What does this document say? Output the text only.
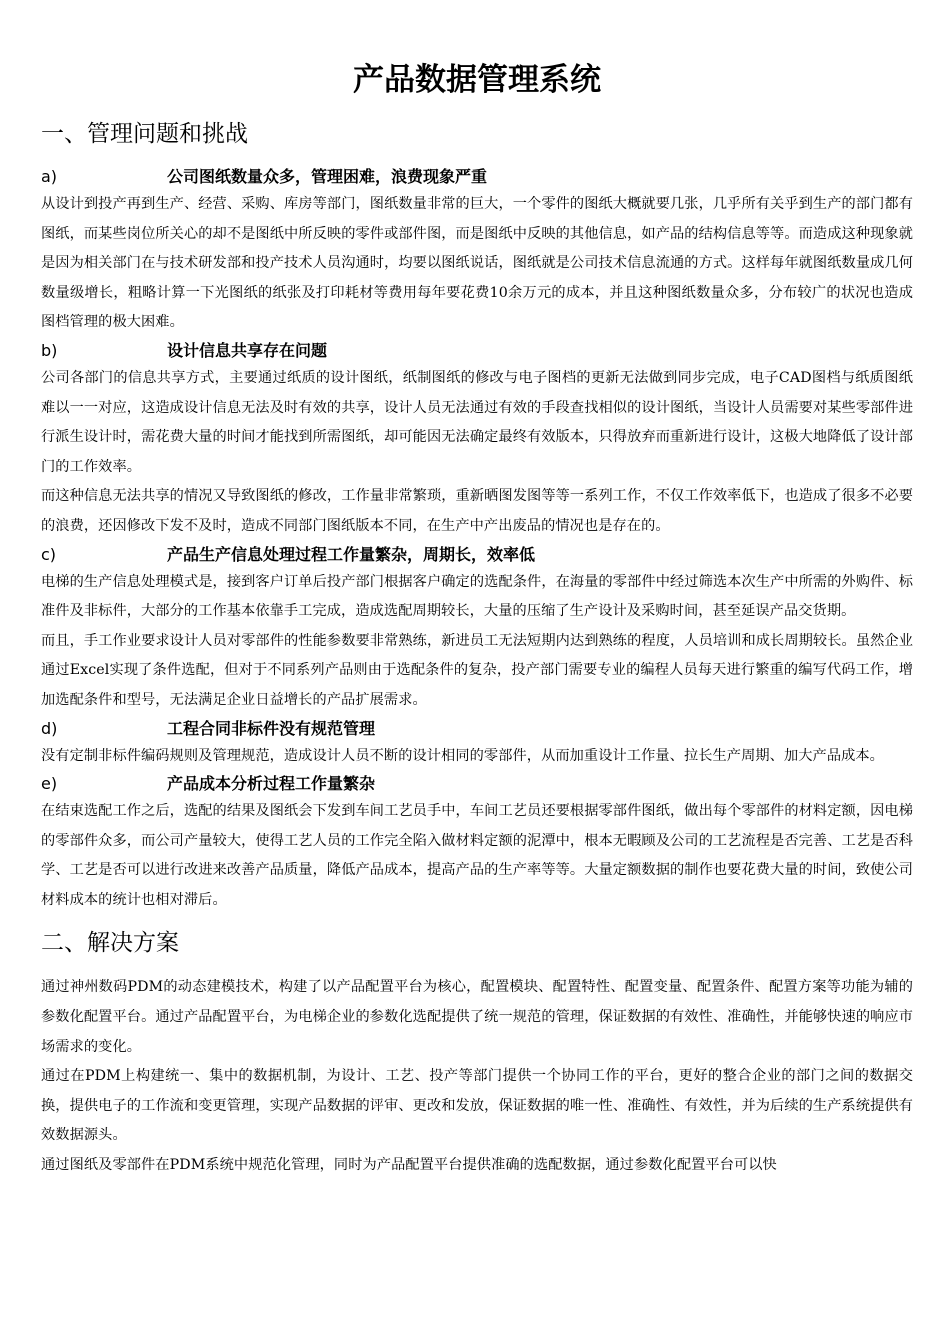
产品数据管理系统
一、管理问题和挑战
a)	公司图纸数量众多，管理困难，浪费现象严重

从设计到投产再到生产、经营、采购、库房等部门，图纸数量非常的巨大，一个零件的图纸大概就要几张，几乎所有关乎到生产的部门都有图纸，而某些岗位所关心的却不是图纸中所反映的零件或部件图，而是图纸中反映的其他信息，如产品的结构信息等等。而造成这种现象就是因为相关部门在与技术研发部和投产技术人员沟通时，均要以图纸说话，图纸就是公司技术信息流通的方式。这样每年就图纸数量成几何数量级增长，粗略计算一下光图纸的纸张及打印耗材等费用每年要花费10余万元的成本，并且这种图纸数量众多，分布较广的状况也造成图档管理的极大困难。

b)	设计信息共享存在问题

公司各部门的信息共享方式，主要通过纸质的设计图纸，纸制图纸的修改与电子图档的更新无法做到同步完成，电子CAD图档与纸质图纸难以一一对应，这造成设计信息无法及时有效的共享，设计人员无法通过有效的手段查找相似的设计图纸，当设计人员需要对某些零部件进行派生设计时，需花费大量的时间才能找到所需图纸，却可能因无法确定最终有效版本，只得放弃而重新进行设计，这极大地降低了设计部门的工作效率。

而这种信息无法共享的情况又导致图纸的修改，工作量非常繁琐，重新晒图发图等等一系列工作，不仅工作效率低下，也造成了很多不必要的浪费，还因修改下发不及时，造成不同部门图纸版本不同，在生产中产出废品的情况也是存在的。

c)	产品生产信息处理过程工作量繁杂，周期长，效率低

电梯的生产信息处理模式是，接到客户订单后投产部门根据客户确定的选配条件，在海量的零部件中经过筛选本次生产中所需的外购件、标准件及非标件，大部分的工作基本依靠手工完成，造成选配周期较长，大量的压缩了生产设计及采购时间，甚至延误产品交货期。

而且，手工作业要求设计人员对零部件的性能参数要非常熟练，新进员工无法短期内达到熟练的程度，人员培训和成长周期较长。虽然企业通过Excel实现了条件选配，但对于不同系列产品则由于选配条件的复杂，投产部门需要专业的编程人员每天进行繁重的编写代码工作，增加选配条件和型号，无法满足企业日益增长的产品扩展需求。

d)	工程合同非标件没有规范管理

没有定制非标件编码规则及管理规范，造成设计人员不断的设计相同的零部件，从而加重设计工作量、拉长生产周期、加大产品成本。

e)	产品成本分析过程工作量繁杂

在结束选配工作之后，选配的结果及图纸会下发到车间工艺员手中，车间工艺员还要根据零部件图纸，做出每个零部件的材料定额，因电梯的零部件众多，而公司产量较大，使得工艺人员的工作完全陷入做材料定额的泥潭中，根本无暇顾及公司的工艺流程是否完善、工艺是否科学、工艺是否可以进行改进来改善产品质量，降低产品成本，提高产品的生产率等等。大量定额数据的制作也要花费大量的时间，致使公司材料成本的统计也相对滞后。

二、解决方案

通过神州数码PDM的动态建模技术，构建了以产品配置平台为核心，配置模块、配置特性、配置变量、配置条件、配置方案等功能为辅的参数化配置平台。通过产品配置平台，为电梯企业的参数化选配提供了统一规范的管理，保证数据的有效性、准确性，并能够快速的响应市场需求的变化。

通过在PDM上构建统一、集中的数据机制，为设计、工艺、投产等部门提供一个协同工作的平台，更好的整合企业的部门之间的数据交换，提供电子的工作流和变更管理，实现产品数据的评审、更改和发放，保证数据的唯一性、准确性、有效性，并为后续的生产系统提供有效数据源头。

通过图纸及零部件在PDM系统中规范化管理，同时为产品配置平台提供准确的选配数据，通过参数化配置平台可以快
